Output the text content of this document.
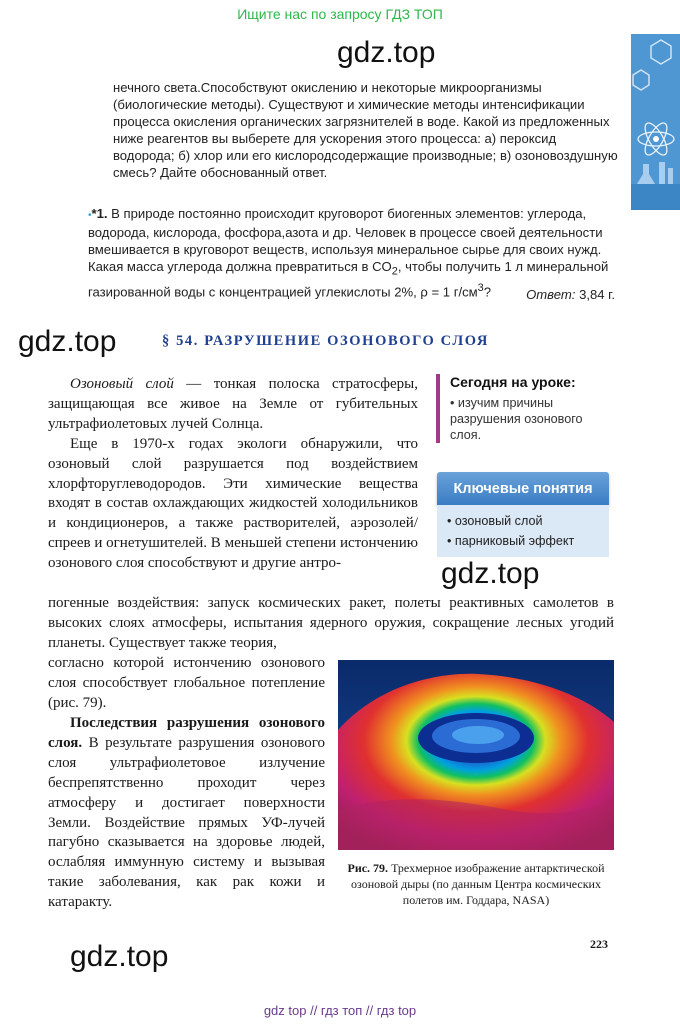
Ищите нас по запросу ГДЗ ТОП
gdz.top
gdz.top
gdz.top
gdz.top
нечного света.Способствуют окислению и некоторые микроорганизмы (биологические методы). Существуют и химические методы интенсификации процесса окисления органических загрязнителей в воде. Какой из предложенных ниже реагентов вы выберете для ускорения этого процесса: а) пероксид водорода; б) хлор или его кислородсодержащие производные; в) озоновоздушную смесь? Дайте обоснованный ответ.
•*1. В природе постоянно происходит круговорот биогенных элементов: углерода, водорода, кислорода, фосфора,азота и др. Человек в процессе своей деятельности вмешивается в круговорот веществ, используя минеральное сырье для своих нужд. Какая масса углерода должна превратиться в $CO_2$, чтобы получить 1 л минеральной газированной воды с концентрацией углекислоты 2%, ρ = 1 $г/см^3$?	Ответ: 3,84 г.
§ 54. РАЗРУШЕНИЕ ОЗОНОВОГО СЛОЯ

Озоновый слой — тонкая полоска стратосферы, защищающая все живое на Земле от губительных ультрафиолетовых лучей Солнца.

Еще в 1970-х годах экологи обнаружили, что озоновый слой разрушается под воздействием хлорфторуглеводородов. Эти химические вещества входят в состав охлаждающих жидкостей холодильников и кондиционеров, а также растворителей, аэрозолей/спреев и огнетушителей. В меньшей степени истончению озонового слоя способствуют и другие антро-

погенные воздействия: запуск космических ракет, полеты реактивных самолетов в высоких слоях атмосферы, испытания ядерного оружия, сокращение лесных угодий планеты. Существует также теория,
согласно которой истончению озонового слоя способствует глобальное потепление (рис. 79).

Последствия разрушения озонового слоя. В результате разрушения озонового слоя ультрафиолетовое излучение беспрепятственно проходит через атмосферу и достигает поверхности Земли. Воздействие прямых УФ-лучей пагубно сказывается на здоровье людей, ослабляя иммунную систему и вызывая такие заболевания, как рак кожи и катаракту.

Сегодня на уроке:
• изучим причины разрушения озонового слоя.
Ключевые понятия
• озоновый слой
• парниковый эффект
Рис. 79. Трехмерное изображение антарктической озоновой дыры (по данным Центра космических полетов им. Годдара, NASA)
223
gdz top // гдз топ // гдз top
